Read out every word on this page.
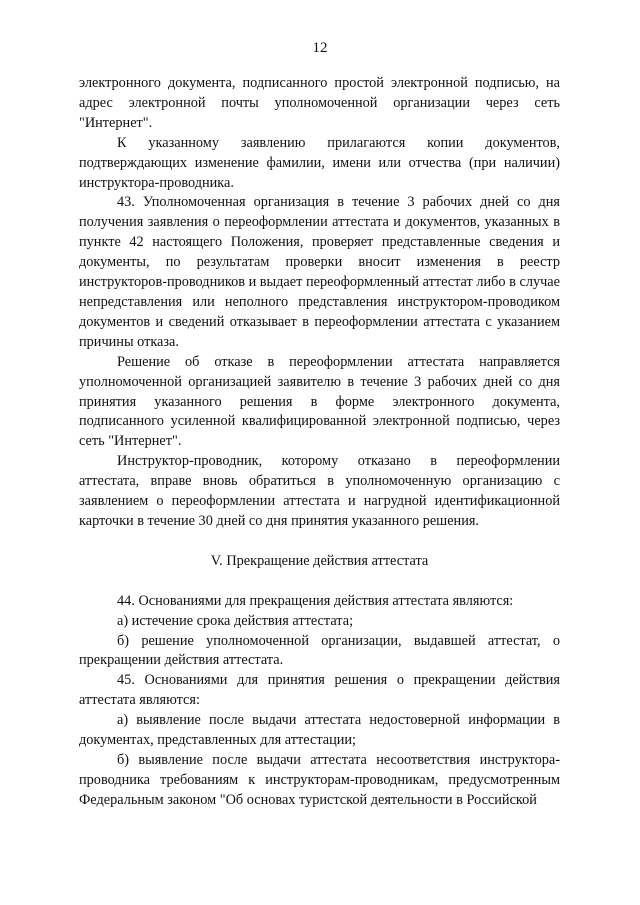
12

электронного документа, подписанного простой электронной подписью, на адрес электронной почты уполномоченной организации через сеть "Интернет".

К указанному заявлению прилагаются копии документов, подтверждающих изменение фамилии, имени или отчества (при наличии) инструктора-проводника.

43. Уполномоченная организация в течение 3 рабочих дней со дня получения заявления о переоформлении аттестата и документов, указанных в пункте 42 настоящего Положения, проверяет представленные сведения и документы, по результатам проверки вносит изменения в реестр инструкторов-проводников и выдает переоформленный аттестат либо в случае непредставления или неполного представления инструктором-проводиком документов и сведений отказывает в переоформлении аттестата с указанием причины отказа.

Решение об отказе в переоформлении аттестата направляется уполномоченной организацией заявителю в течение 3 рабочих дней со дня принятия указанного решения в форме электронного документа, подписанного усиленной квалифицированной электронной подписью, через сеть "Интернет".

Инструктор-проводник, которому отказано в переоформлении аттестата, вправе вновь обратиться в уполномоченную организацию с заявлением о переоформлении аттестата и нагрудной идентификационной карточки в течение 30 дней со дня принятия указанного решения.

V. Прекращение действия аттестата

44. Основаниями для прекращения действия аттестата являются:

а) истечение срока действия аттестата;

б) решение уполномоченной организации, выдавшей аттестат, о прекращении действия аттестата.

45. Основаниями для принятия решения о прекращении действия аттестата являются:

а) выявление после выдачи аттестата недостоверной информации в документах, представленных для аттестации;

б) выявление после выдачи аттестата несоответствия инструктора-проводника требованиям к инструкторам-проводникам, предусмотренным Федеральным законом "Об основах туристской деятельности в Российской
